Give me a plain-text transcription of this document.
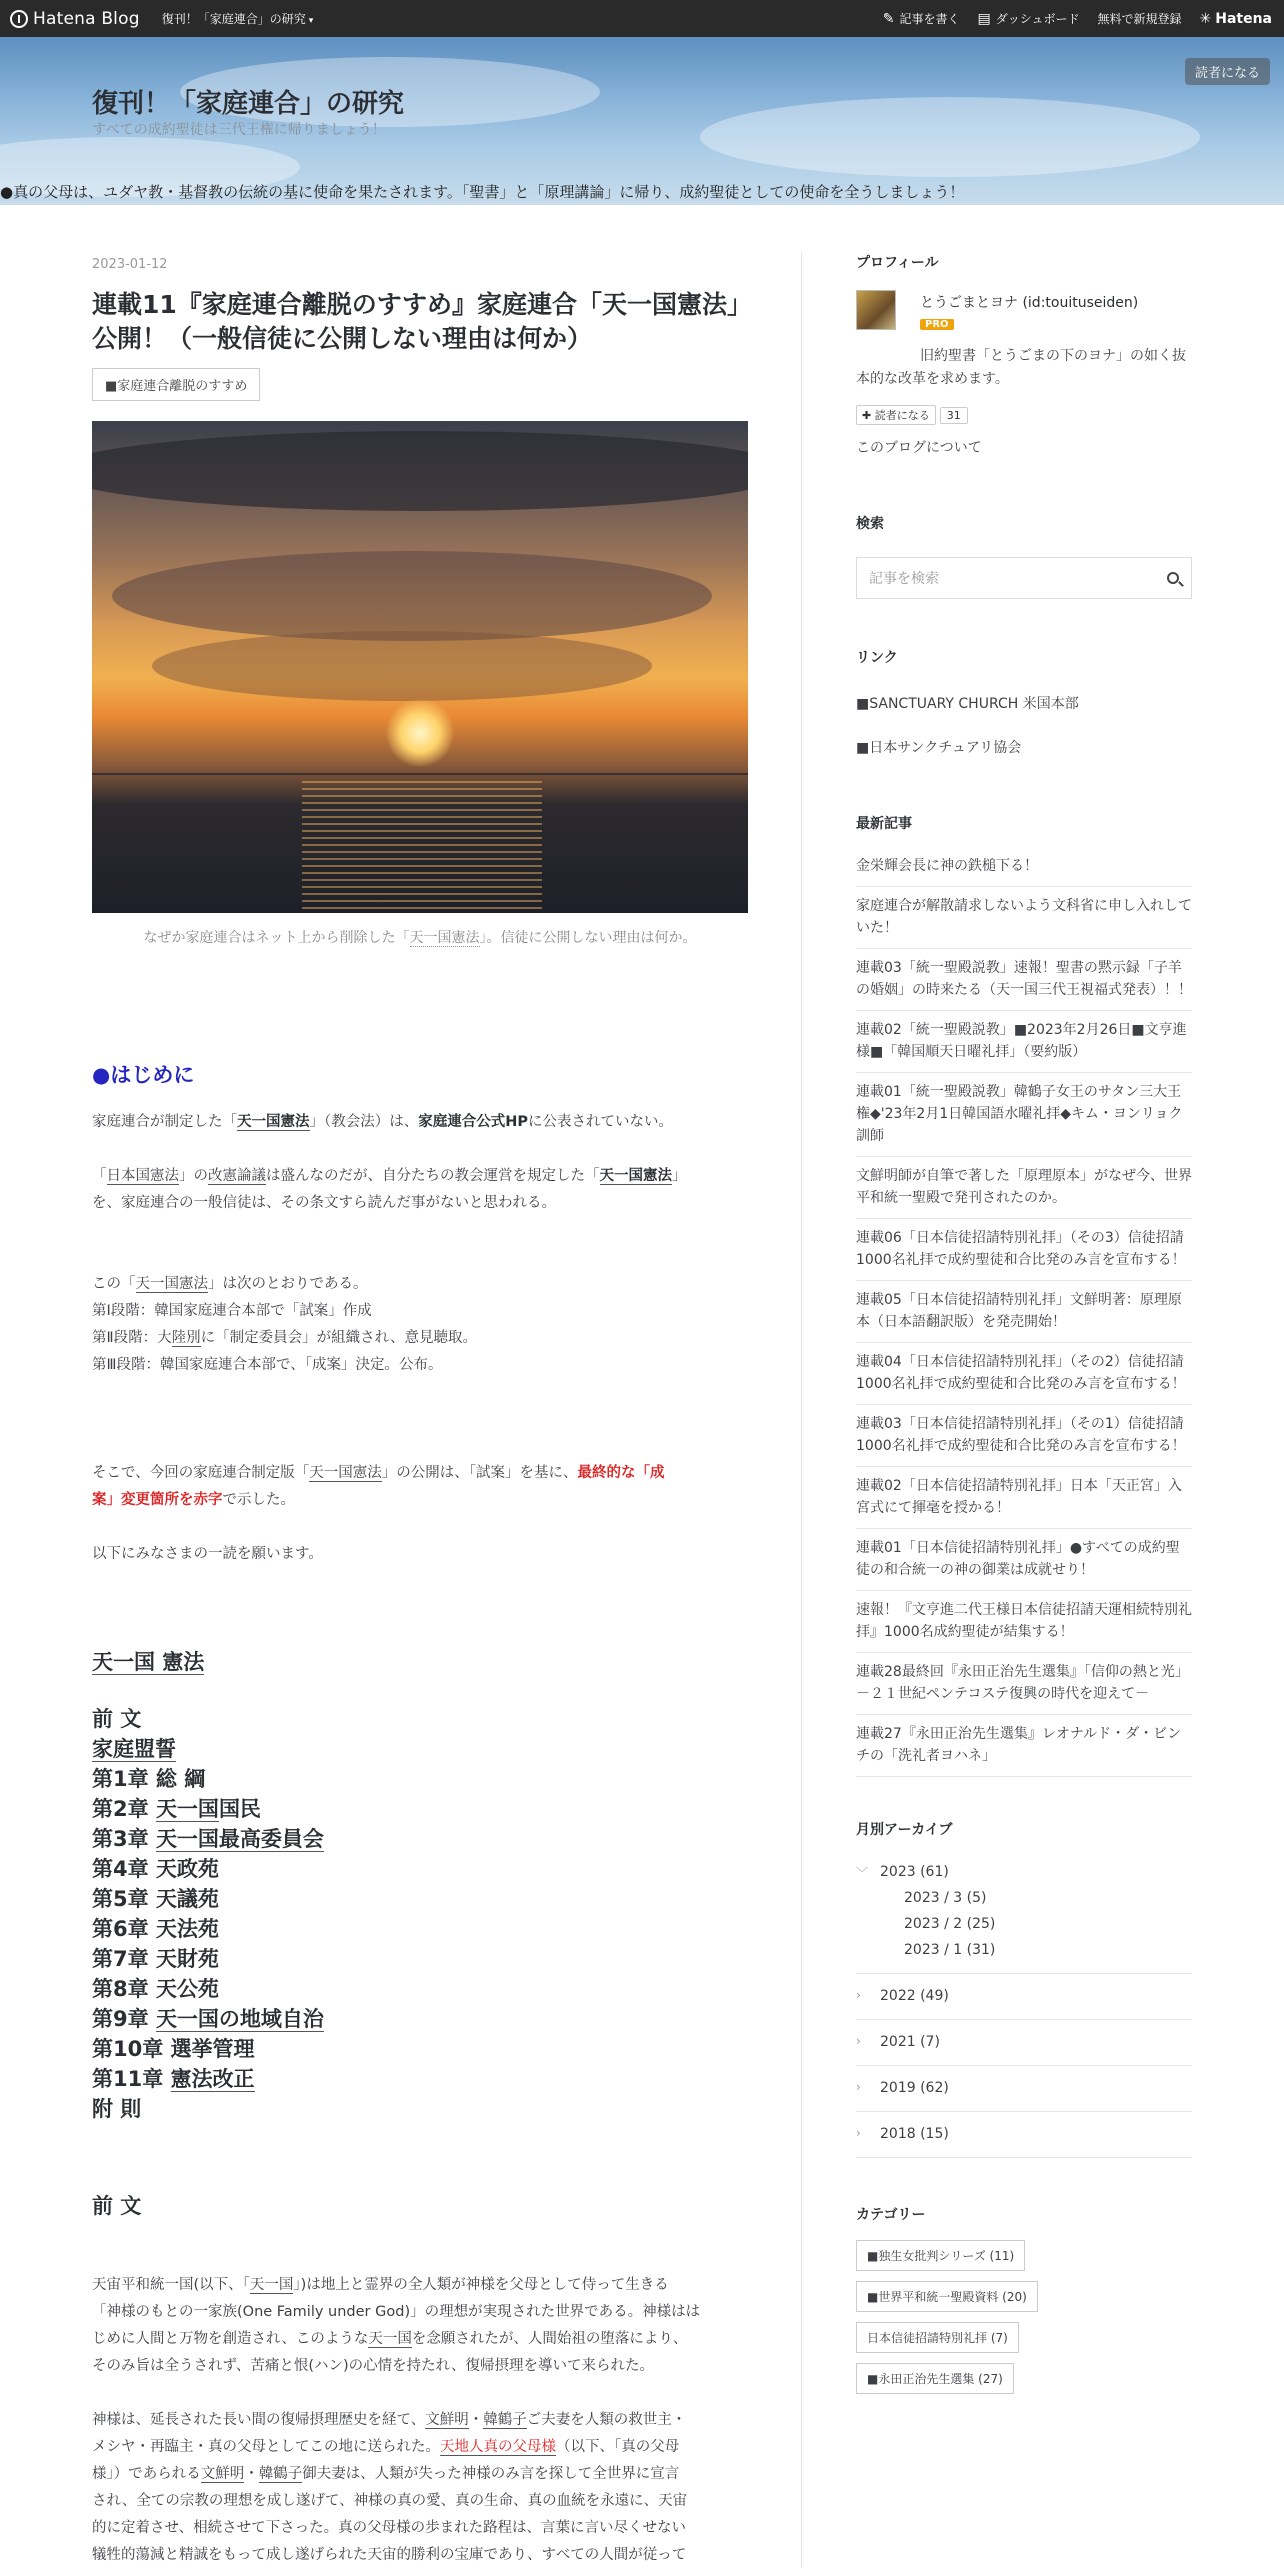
Hatena Blog 復刊！「家庭連合」の研究 ▾	✎ 記事を書く ▤ ダッシュボード 無料で新規登録 ✳ Hatena
復刊！「家庭連合」の研究
すべての成約聖徒は三代王権に帰りましょう！
●真の父母は、ユダヤ教・基督教の伝統の基に使命を果たされます。「聖書」と「原理講論」に帰り、成約聖徒としての使命を全うしましょう！
読者になる
2023-01-12
連載11『家庭連合離脱のすすめ』家庭連合「天一国憲法」公開！（一般信徒に公開しない理由は何か）
■家庭連合離脱のすすめ
なぜか家庭連合はネット上から削除した「天一国憲法」。信徒に公開しない理由は何か。
●はじめに
家庭連合が制定した「天一国憲法」（教会法）は、家庭連合公式HPに公表されていない。
「日本国憲法」の改憲論議は盛んなのだが、自分たちの教会運営を規定した「天一国憲法」
を、家庭連合の一般信徒は、その条文すら読んだ事がないと思われる。
この「天一国憲法」は次のとおりである。
第Ⅰ段階：韓国家庭連合本部で「試案」作成
第Ⅱ段階：大陸別に「制定委員会」が組織され、意見聴取。
第Ⅲ段階：韓国家庭連合本部で、「成案」決定。公布。
そこで、今回の家庭連合制定版「天一国憲法」の公開は、「試案」を基に、最終的な「成
案」変更箇所を赤字で示した。
以下にみなさまの一読を願います。
天一国 憲法
前 文
家庭盟誓
第1章 総 綱
第2章 天一国国民
第3章 天一国最高委員会
第4章 天政苑
第5章 天議苑
第6章 天法苑
第7章 天財苑
第8章 天公苑
第9章 天一国の地域自治
第10章 選挙管理
第11章 憲法改正
附 則
前 文
天宙平和統一国(以下、「天一国」)は地上と霊界の全人類が神様を父母として侍って生きる
「神様のもとの一家族(One Family under God)」の理想が実現された世界である。神様はは
じめに人間と万物を創造され、このような天一国を念願されたが、人間始祖の堕落により、
そのみ旨は全うされず、苦痛と恨(ハン)の心情を持たれ、復帰摂理を導いて来られた。
神様は、延長された長い間の復帰摂理歴史を経て、文鮮明・韓鶴子ご夫妻を人類の救世主・
メシヤ・再臨主・真の父母としてこの地に送られた。天地人真の父母様（以下、「真の父母
様」）であられる文鮮明・韓鶴子御夫妻は、人類が失った神様のみ言を探して全世界に宣言
され、全ての宗教の理想を成し遂げて、神様の真の愛、真の生命、真の血統を永遠に、天宙
的に定着させ、相続させて下さった。真の父母様の歩まれた路程は、言葉に言い尽くせない
犠牲的蕩減と精誠をもって成し遂げられた天宙的勝利の宝庫であり、すべての人間が従って
プロフィール
とうごまとヨナ (id:touituseiden)
PRO
旧約聖書「とうごまの下のヨナ」の如く抜本的な改革を求めます。
✚ 読者になる	31
このブログについて
検索
記事を検索
リンク
■SANCTUARY CHURCH 米国本部
■日本サンクチュアリ協会
最新記事
金栄輝会長に神の鉄槌下る！
家庭連合が解散請求しないよう文科省に申し入れしていた！
連載03「統一聖殿説教」速報！聖書の黙示録「子羊の婚姻」の時来たる（天一国三代王視福式発表）！！
連載02「統一聖殿説教」■2023年2月26日■文亨進様■「韓国順天日曜礼拝」（要約版）
連載01「統一聖殿説教」韓鶴子女王のサタン三大王権◆'23年2月1日韓国語水曜礼拝◆キム・ヨンリョク訓師
文鮮明師が自筆で著した「原理原本」がなぜ今、世界平和統一聖殿で発刊されたのか。
連載06「日本信徒招請特別礼拝」（その3）信徒招請1000名礼拝で成約聖徒和合比発のみ言を宣布する！
連載05「日本信徒招請特別礼拝」文鮮明著：原理原本（日本語翻訳版）を発売開始！
連載04「日本信徒招請特別礼拝」（その2）信徒招請1000名礼拝で成約聖徒和合比発のみ言を宣布する！
連載03「日本信徒招請特別礼拝」（その1）信徒招請1000名礼拝で成約聖徒和合比発のみ言を宣布する！
連載02「日本信徒招請特別礼拝」日本「天正宮」入宮式にて揮毫を授かる！
連載01「日本信徒招請特別礼拝」●すべての成約聖徒の和合統一の神の御業は成就せり！
速報！『文亨進二代王様日本信徒招請天運相続特別礼拝』1000名成約聖徒が結集する！
連載28最終回『永田正治先生選集』「信仰の熱と光」－２１世紀ペンテコステ復興の時代を迎えて－
連載27『永田正治先生選集』レオナルド・ダ・ビンチの「洗礼者ヨハネ」
月別アーカイブ
﹀ 2023 (61)
2023 / 3 (5)
2023 / 2 (25)
2023 / 1 (31)
›	2022 (49)
›	2021 (7)
›	2019 (62)
›	2018 (15)
カテゴリー
■独生女批判シリーズ (11)
■世界平和統一聖殿資料 (20)
日本信徒招請特別礼拝 (7)
■永田正治先生選集 (27)
